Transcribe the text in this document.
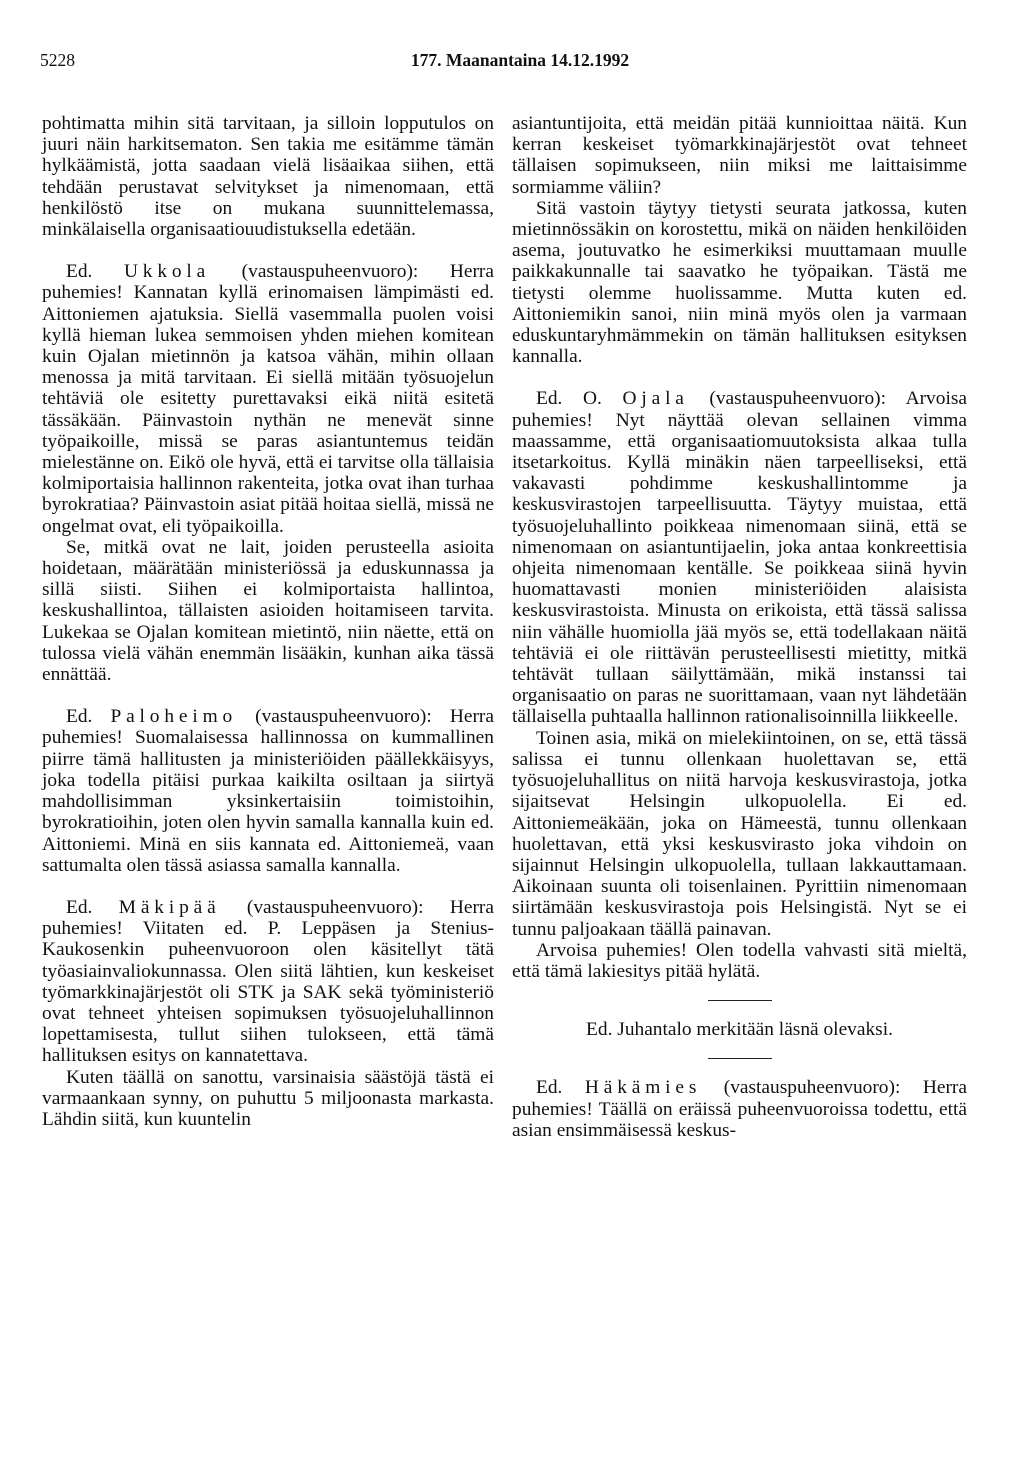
5228	177. Maanantaina 14.12.1992

pohtimatta mihin sitä tarvitaan, ja silloin lopputulos on juuri näin harkitsematon. Sen takia me esitämme tämän hylkäämistä, jotta saadaan vielä lisäaikaa siihen, että tehdään perustavat selvitykset ja nimenomaan, että henkilöstö itse on mukana suunnittelemassa, minkälaisella organisaatiouudistuksella edetään.

Ed. Ukkola (vastauspuheenvuoro): Herra puhemies! Kannatan kyllä erinomaisen lämpimästi ed. Aittoniemen ajatuksia. Siellä vasemmalla puolen voisi kyllä hieman lukea semmoisen yhden miehen komitean kuin Ojalan mietinnön ja katsoa vähän, mihin ollaan menossa ja mitä tarvitaan. Ei siellä mitään työsuojelun tehtäviä ole esitetty purettavaksi eikä niitä esitetä tässäkään. Päinvastoin nythän ne menevät sinne työpaikoille, missä se paras asiantuntemus teidän mielestänne on. Eikö ole hyvä, että ei tarvitse olla tällaisia kolmiportaisia hallinnon rakenteita, jotka ovat ihan turhaa byrokratiaa? Päinvastoin asiat pitää hoitaa siellä, missä ne ongelmat ovat, eli työpaikoilla.

Se, mitkä ovat ne lait, joiden perusteella asioita hoidetaan, määrätään ministeriössä ja eduskunnassa ja sillä siisti. Siihen ei kolmiportaista hallintoa, keskushallintoa, tällaisten asioiden hoitamiseen tarvita. Lukekaa se Ojalan komitean mietintö, niin näette, että on tulossa vielä vähän enemmän lisääkin, kunhan aika tässä ennättää.

Ed. Paloheimo (vastauspuheenvuoro): Herra puhemies! Suomalaisessa hallinnossa on kummallinen piirre tämä hallitusten ja ministeriöiden päällekkäisyys, joka todella pitäisi purkaa kaikilta osiltaan ja siirtyä mahdollisimman yksinkertaisiin toimistoihin, byrokratioihin, joten olen hyvin samalla kannalla kuin ed. Aittoniemi. Minä en siis kannata ed. Aittoniemeä, vaan sattumalta olen tässä asiassa samalla kannalla.

Ed. Mäkipää (vastauspuheenvuoro): Herra puhemies! Viitaten ed. P. Leppäsen ja Stenius-Kaukosenkin puheenvuoroon olen käsitellyt tätä työasiainvaliokunnassa. Olen siitä lähtien, kun keskeiset työmarkkinajärjestöt oli STK ja SAK sekä työministeriö ovat tehneet yhteisen sopimuksen työsuojeluhallinnon lopettamisesta, tullut siihen tulokseen, että tämä hallituksen esitys on kannatettava.

Kuten täällä on sanottu, varsinaisia säästöjä tästä ei varmaankaan synny, on puhuttu 5 miljoonasta markasta. Lähdin siitä, kun kuuntelin

asiantuntijoita, että meidän pitää kunnioittaa näitä. Kun kerran keskeiset työmarkkinajärjestöt ovat tehneet tällaisen sopimukseen, niin miksi me laittaisimme sormiamme väliin?

Sitä vastoin täytyy tietysti seurata jatkossa, kuten mietinnössäkin on korostettu, mikä on näiden henkilöiden asema, joutuvatko he esimerkiksi muuttamaan muulle paikkakunnalle tai saavatko he työpaikan. Tästä me tietysti olemme huolissamme. Mutta kuten ed. Aittoniemikin sanoi, niin minä myös olen ja varmaan eduskuntaryhmämmekin on tämän hallituksen esityksen kannalla.

Ed. O. Ojala (vastauspuheenvuoro): Arvoisa puhemies! Nyt näyttää olevan sellainen vimma maassamme, että organisaatiomuutoksista alkaa tulla itsetarkoitus. Kyllä minäkin näen tarpeelliseksi, että vakavasti pohdimme keskushallintomme ja keskusvirastojen tarpeellisuutta. Täytyy muistaa, että työsuojeluhallinto poikkeaa nimenomaan siinä, että se nimenomaan on asiantuntijaelin, joka antaa konkreettisia ohjeita nimenomaan kentälle. Se poikkeaa siinä hyvin huomattavasti monien ministeriöiden alaisista keskusvirastoista. Minusta on erikoista, että tässä salissa niin vähälle huomiolla jää myös se, että todellakaan näitä tehtäviä ei ole riittävän perusteellisesti mietitty, mitkä tehtävät tullaan säilyttämään, mikä instanssi tai organisaatio on paras ne suorittamaan, vaan nyt lähdetään tällaisella puhtaalla hallinnon rationalisoinnilla liikkeelle.

Toinen asia, mikä on mielekiintoinen, on se, että tässä salissa ei tunnu ollenkaan huolettavan se, että työsuojeluhallitus on niitä harvoja keskusvirastoja, jotka sijaitsevat Helsingin ulkopuolella. Ei ed. Aittoniemeäkään, joka on Hämeestä, tunnu ollenkaan huolettavan, että yksi keskusvirasto joka vihdoin on sijainnut Helsingin ulkopuolella, tullaan lakkauttamaan. Aikoinaan suunta oli toisenlainen. Pyrittiin nimenomaan siirtämään keskusvirastoja pois Helsingistä. Nyt se ei tunnu paljoakaan täällä painavan.

Arvoisa puhemies! Olen todella vahvasti sitä mieltä, että tämä lakiesitys pitää hylätä.

Ed. Juhantalo merkitään läsnä olevaksi.

Ed. Häkämies (vastauspuheenvuoro): Herra puhemies! Täällä on eräissä puheenvuoroissa todettu, että asian ensimmäisessä keskus-
